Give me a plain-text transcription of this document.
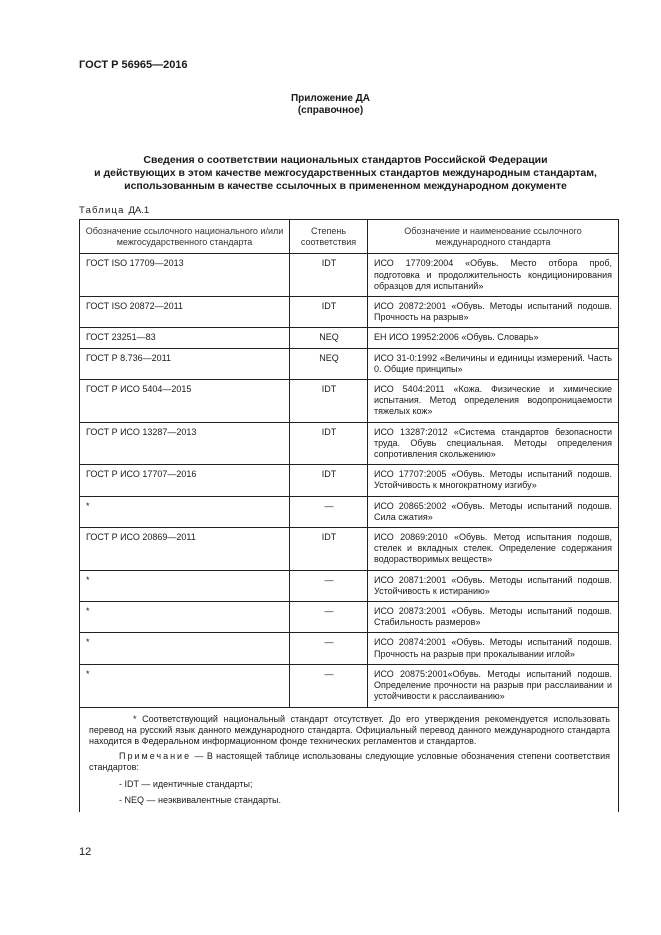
ГОСТ Р 56965—2016
Приложение ДА
(справочное)
Сведения о соответствии национальных стандартов Российской Федерации
и действующих в этом качестве межгосударственных стандартов международным стандартам,
использованным в качестве ссылочных в примененном международном документе
Таблица ДА.1
Обозначение ссылочного национального и/или межгосударственного стандарта	Степень соответствия	Обозначение и наименование ссылочного международного стандарта
ГОСТ ISO 17709—2013	IDT	ИСО 17709:2004 «Обувь. Место отбора проб, подготовка и продолжительность кондиционирования образцов для испытаний»
ГОСТ ISO 20872—2011	IDT	ИСО 20872:2001 «Обувь. Методы испытаний подошв. Прочность на разрыв»
ГОСТ 23251—83	NEQ	ЕН ИСО 19952:2006 «Обувь. Словарь»
ГОСТ Р 8.736—2011	NEQ	ИСО 31-0:1992 «Величины и единицы измерений. Часть 0. Общие принципы»
ГОСТ Р ИСО 5404—2015	IDT	ИСО 5404:2011 «Кожа. Физические и химические испытания. Метод определения водопроницаемости тяжелых кож»
ГОСТ Р ИСО 13287—2013	IDT	ИСО 13287:2012 «Система стандартов безопасности труда. Обувь специальная. Методы определения сопротивления скольжению»
ГОСТ Р ИСО 17707—2016	IDT	ИСО 17707:2005 «Обувь. Методы испытаний подошв. Устойчивость к многократному изгибу»
*	—	ИСО 20865:2002 «Обувь. Методы испытаний подошв. Сила сжатия»
ГОСТ Р ИСО 20869—2011	IDT	ИСО 20869:2010 «Обувь. Метод испытания подошв, стелек и вкладных стелек. Определение содержания водорастворимых веществ»
*	—	ИСО 20871:2001 «Обувь. Методы испытаний подошв. Устойчивость к истиранию»
*	—	ИСО 20873:2001 «Обувь. Методы испытаний подошв. Стабильность размеров»
*	—	ИСО 20874:2001 «Обувь. Методы испытаний подошв. Прочность на разрыв при прокалывании иглой»
*	—	ИСО 20875:2001«Обувь. Методы испытаний подошв. Определение прочности на разрыв при расслаивании и устойчивости к расслаиванию»

* Соответствующий национальный стандарт отсутствует. До его утверждения рекомендуется использовать перевод на русский язык данного международного стандарта. Официальный перевод данного международного стандарта находится в Федеральном информационном фонде технических регламентов и стандартов.
Примечание — В настоящей таблице использованы следующие условные обозначения степени соответствия стандартов:
- IDT — идентичные стандарты;
- NEQ — неэквивалентные стандарты.		
12
